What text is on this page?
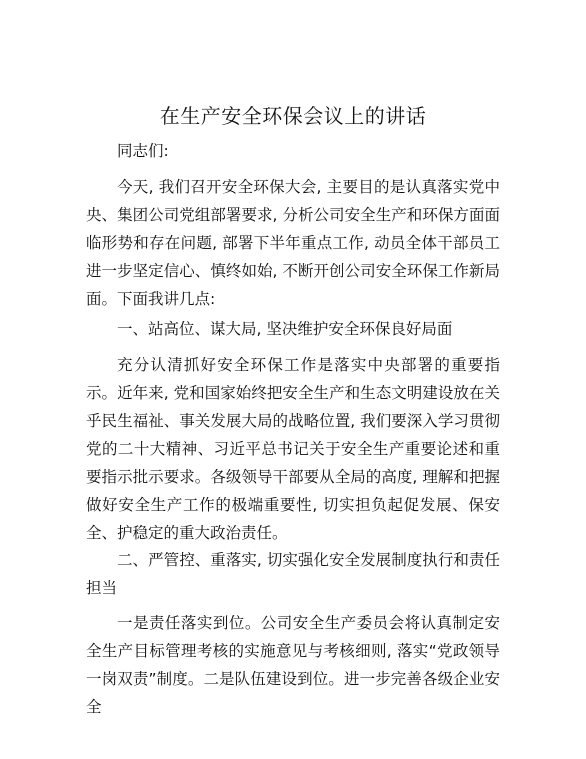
在生产安全环保会议上的讲话

同志们:

今天, 我们召开安全环保大会, 主要目的是认真落实党中央、集团公司党组部署要求, 分析公司安全生产和环保方面面临形势和存在问题, 部署下半年重点工作, 动员全体干部员工进一步坚定信心、慎终如始, 不断开创公司安全环保工作新局面。下面我讲几点:

一、站高位、谋大局, 坚决维护安全环保良好局面

充分认清抓好安全环保工作是落实中央部署的重要指示。近年来, 党和国家始终把安全生产和生态文明建设放在关乎民生福祉、事关发展大局的战略位置, 我们要深入学习贯彻党的二十大精神、习近平总书记关于安全生产重要论述和重要指示批示要求。各级领导干部要从全局的高度, 理解和把握做好安全生产工作的极端重要性, 切实担负起促发展、保安全、护稳定的重大政治责任。

二、严管控、重落实, 切实强化安全发展制度执行和责任担当

一是责任落实到位。公司安全生产委员会将认真制定安全生产目标管理考核的实施意见与考核细则, 落实“党政领导一岗双责”制度。二是队伍建设到位。进一步完善各级企业安全
